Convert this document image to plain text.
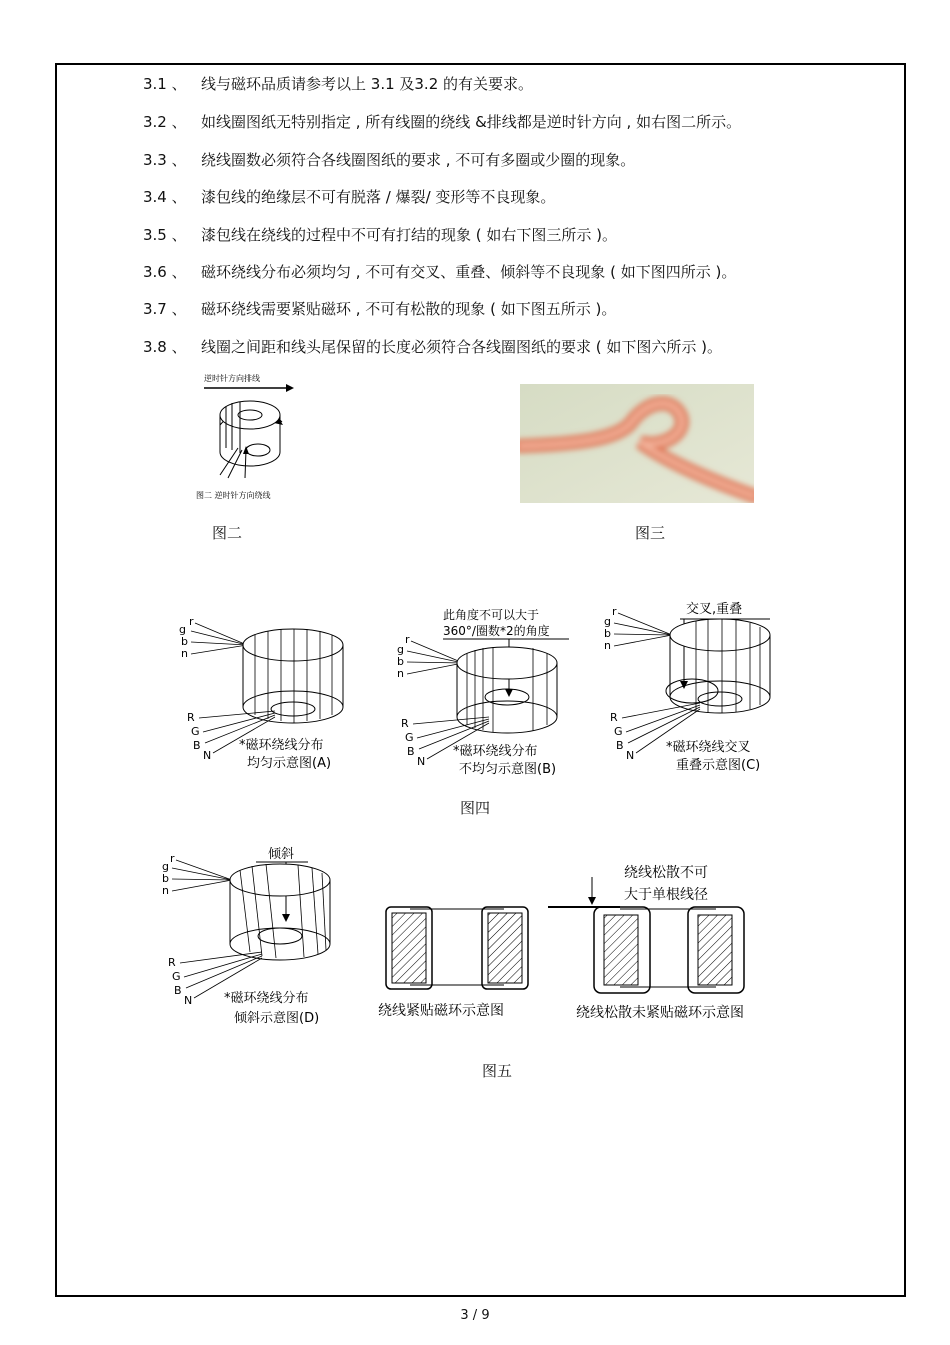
3.1 、 线与磁环品质请参考以上 3.1 及3.2 的有关要求。
3.2 、 如线圈图纸无特别指定 , 所有线圈的绕线 &排线都是逆时针方向 , 如右图二所示。
3.3 、 绕线圈数必须符合各线圈图纸的要求 , 不可有多圈或少圈的现象。
3.4 、 漆包线的绝缘层不可有脱落 / 爆裂/ 变形等不良现象。
3.5 、 漆包线在绕线的过程中不可有打结的现象 ( 如右下图三所示 )。
3.6 、 磁环绕线分布必须均匀 , 不可有交叉、重叠、倾斜等不良现象 ( 如下图四所示 )。
3.7 、 磁环绕线需要紧贴磁环 , 不可有松散的现象 ( 如下图五所示 )。
3.8 、 线圈之间距和线头尾保留的长度必须符合各线圈图纸的要求 ( 如下图六所示 )。
逆时针方向排线
图二 逆时针方向绕线
图二	图三
g
r
b
n
R
G
B
N
*磁环绕线分布
均匀示意图(A)
此角度不可以大于
360°/圈数*2的角度
g
r
b
n
R
G
B
N
*磁环绕线分布
不均匀示意图(B)
交叉,重叠
g
r
b
n
R
G
B
N
*磁环绕线交叉
重叠示意图(C)
图四
倾斜
g
r
b
n
R
G
B
N *磁环绕线分布
倾斜示意图(D)	绕线紧贴磁环示意图
绕线松散不可
大于单根线径
绕线松散未紧贴磁环示意图
图五
3 / 9
